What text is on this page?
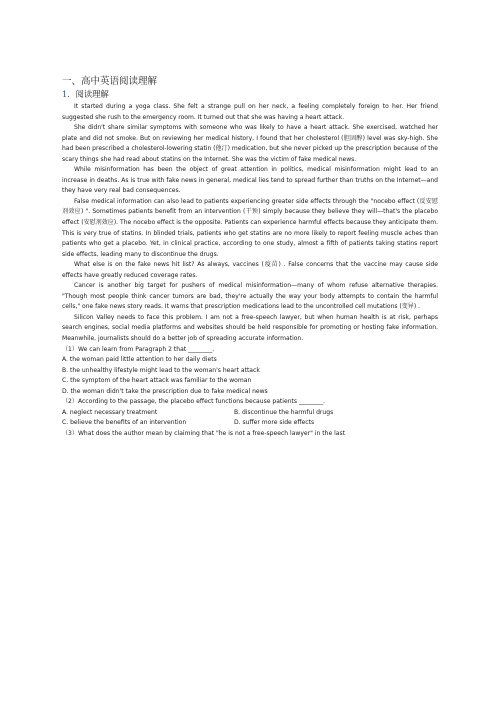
一、高中英语阅读理解
1．阅读理解

It started during a yoga class. She felt a strange pull on her neck, a feeling completely foreign to her. Her friend suggested she rush to the emergency room. It turned out that she was having a heart attack.

She didn't share similar symptoms with someone who was likely to have a heart attack. She exercised, watched her plate and did not smoke. But on reviewing her medical history, I found that her cholesterol (胆固醇) level was sky-high. She had been prescribed a cholesterol-lowering statin (他汀) medication, but she never picked up the prescription because of the scary things she had read about statins on the Internet. She was the victim of fake medical news.

While misinformation has been the object of great attention in politics, medical misinformation might lead to an increase in deaths. As is true with fake news in general, medical lies tend to spread further than truths on the Internet—and they have very real bad consequences.

False medical information can also lead to patients experiencing greater side effects through the "nocebo effect (反安慰剂效应) ". Sometimes patients benefit from an intervention (干预) simply because they believe they will—that's the placebo effect (安慰剂效应). The nocebo effect is the opposite. Patients can experience harmful effects because they anticipate them. This is very true of statins. In blinded trials, patients who get statins are no more likely to report feeling muscle aches than patients who get a placebo. Yet, in clinical practice, according to one study, almost a fifth of patients taking statins report side effects, leading many to discontinue the drugs.

What else is on the fake news hit list? As always, vaccines (疫苗) . False concerns that the vaccine may cause side effects have greatly reduced coverage rates.

Cancer is another big target for pushers of medical misinformation—many of whom refuse alternative therapies. "Though most people think cancer tumors are bad, they're actually the way your body attempts to contain the harmful cells," one fake news story reads. It warns that prescription medications lead to the uncontrolled cell mutations (变异) .

Silicon Valley needs to face this problem. I am not a free-speech lawyer, but when human health is at risk, perhaps search engines, social media platforms and websites should be held responsible for promoting or hosting fake information. Meanwhile, journalists should do a better job of spreading accurate information.

（1）We can learn from Paragraph 2 that ________.

A. the woman paid little attention to her daily diets

B. the unhealthy lifestyle might lead to the woman's heart attack

C. the symptom of the heart attack was familiar to the woman

D. the woman didn't take the prescription due to fake medical news

（2）According to the passage, the placebo effect functions because patients ________.

A. neglect necessary treatment	B. discontinue the harmful drugs
C. believe the benefits of an intervention	D. suffer more side effects

（3）What does the author mean by claiming that "he is not a free-speech lawyer" in the last
